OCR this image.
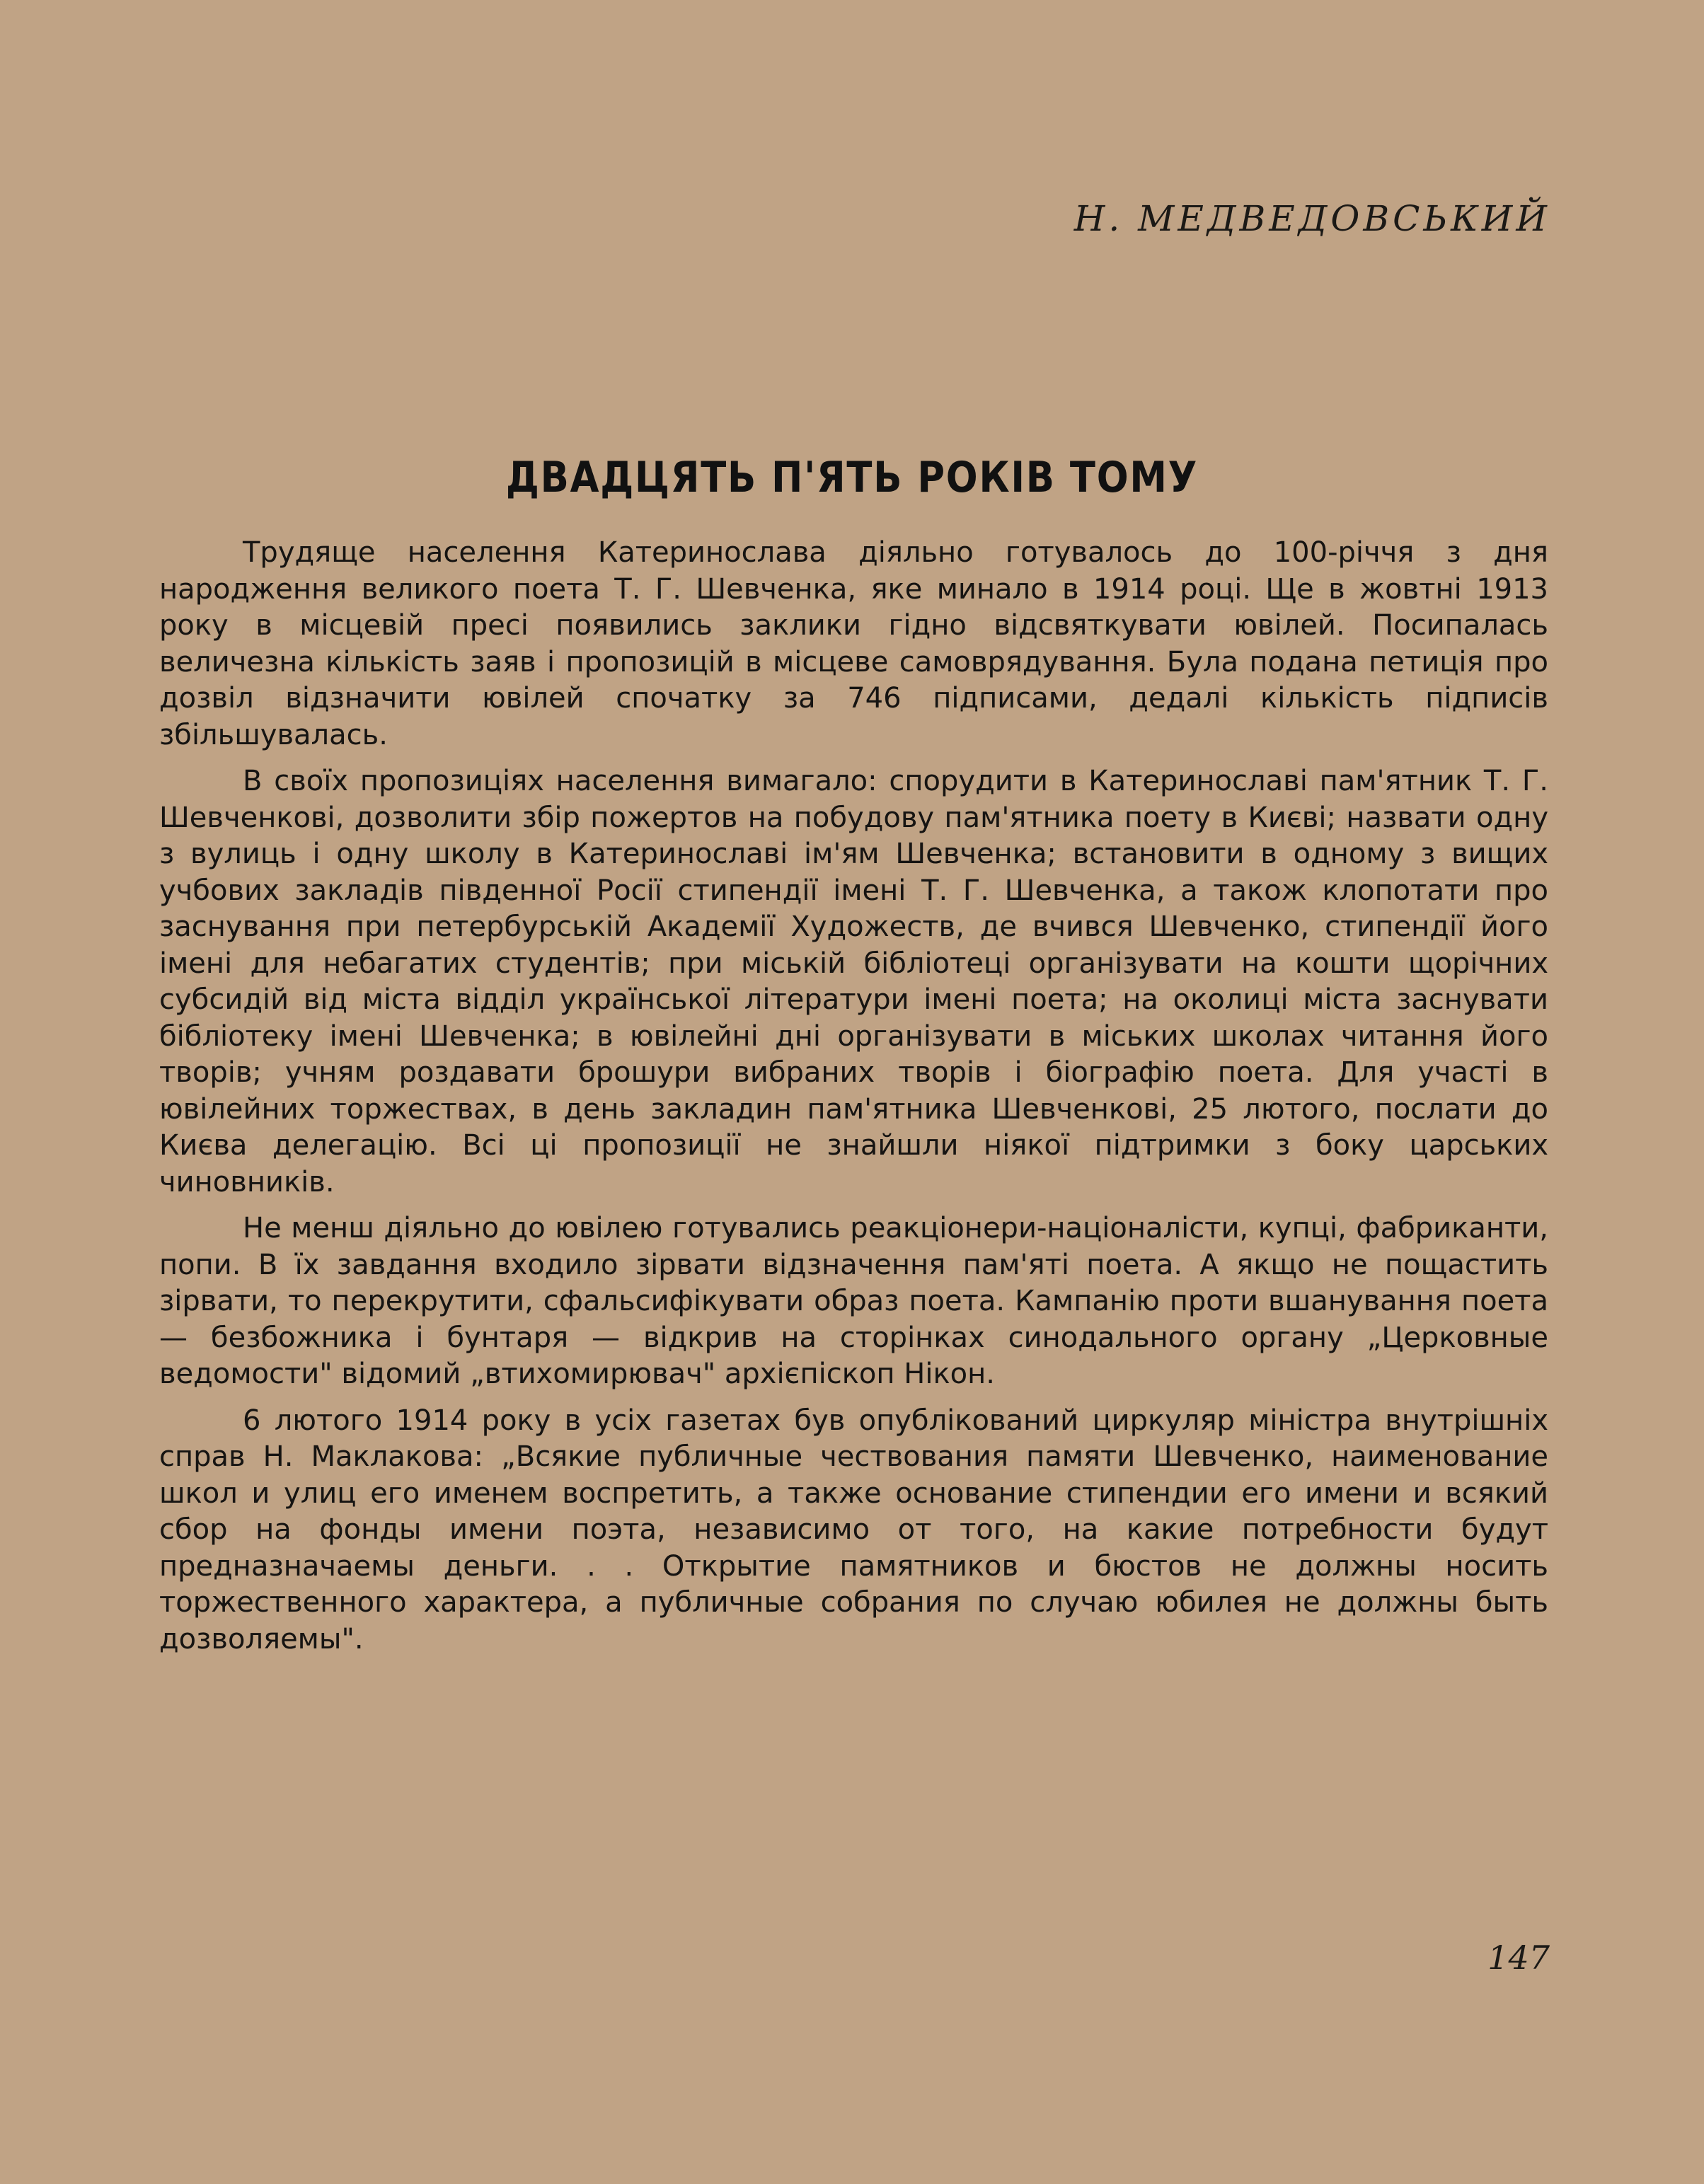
Н. МЕДВЕДОВСЬКИЙ
ДВАДЦЯТЬ П'ЯТЬ РОКІВ ТОМУ

Трудяще населення Катеринослава діяльно готувалось до 100-річчя з дня народження великого поета Т. Г. Шевченка, яке минало в 1914 році. Ще в жовтні 1913 року в місцевій пресі появились заклики гідно відсвяткувати ювілей. Посипалась величезна кількість заяв і пропозицій в місцеве самоврядування. Була подана петиція про дозвіл відзначити ювілей спочатку за 746 підписами, дедалі кількість підписів збільшувалась.

В своїх пропозиціях населення вимагало: спорудити в Катеринославі пам'ятник Т. Г. Шевченкові, дозволити збір пожертов на побудову пам'ятника поету в Києві; назвати одну з вулиць і одну школу в Катеринославі ім'ям Шевченка; встановити в одному з вищих учбових закладів південної Росії стипендії імені Т. Г. Шевченка, а також клопотати про заснування при петербурській Академії Художеств, де вчився Шевченко, стипендії його імені для небагатих студентів; при міській бібліотеці організувати на кошти щорічних субсидій від міста відділ української літератури імені поета; на околиці міста заснувати бібліотеку імені Шевченка; в ювілейні дні організувати в міських школах читання його творів; учням роздавати брошури вибраних творів і біографію поета. Для участі в ювілейних торжествах, в день закладин пам'ятника Шевченкові, 25 лютого, послати до Києва делегацію. Всі ці пропозиції не знайшли ніякої підтримки з боку царських чиновників.

Не менш діяльно до ювілею готувались реакціонери-націоналісти, купці, фабриканти, попи. В їх завдання входило зірвати відзначення пам'яті поета. А якщо не пощастить зірвати, то перекрутити, сфальсифікувати образ поета. Кампанію проти вшанування поета — безбожника і бунтаря — відкрив на сторінках синодального органу „Церковные ведомости" відомий „втихомирювач" архієпіскоп Нікон.

6 лютого 1914 року в усіх газетах був опублікований циркуляр міністра внутрішніх справ Н. Маклакова: „Всякие публичные чествования памяти Шевченко, наименование школ и улиц его именем воспретить, а также основание стипендии его имени и всякий сбор на фонды имени поэта, независимо от того, на какие потребности будут предназначаемы деньги. . . Открытие памятников и бюстов не должны носить торжественного характера, а публичные собрания по случаю юбилея не должны быть дозволяемы".

147
